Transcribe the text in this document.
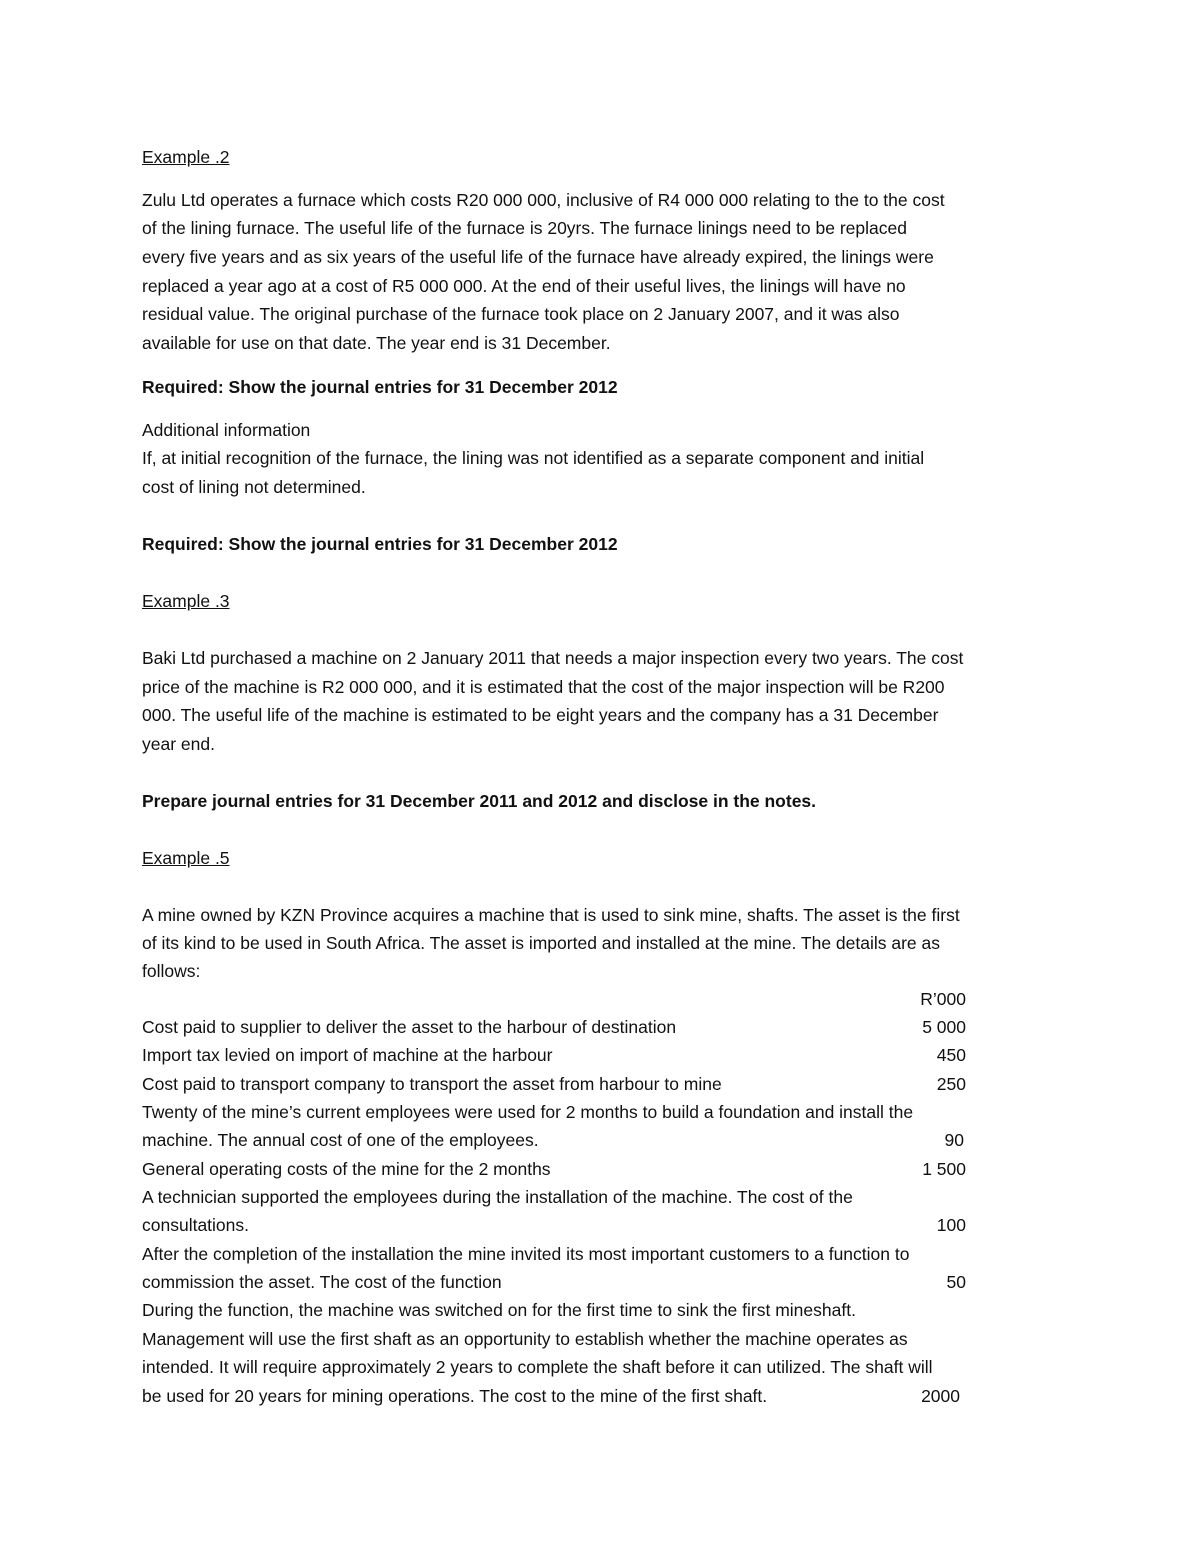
Example .2
Zulu Ltd operates a furnace which costs R20 000 000, inclusive of R4 000 000 relating to the to the cost
of the lining furnace. The useful life of the furnace is 20yrs. The furnace linings need to be replaced
every five years and as six years of the useful life of the furnace have already expired, the linings were
replaced a year ago at a cost of R5 000 000. At the end of their useful lives, the linings will have no
residual value. The original purchase of the furnace took place on 2 January 2007, and it was also
available for use on that date. The year end is 31 December.
Required: Show the journal entries for 31 December 2012
Additional information
If, at initial recognition of the furnace, the lining was not identified as a separate component and initial
cost of lining not determined.
Required: Show the journal entries for 31 December 2012
Example .3
Baki Ltd purchased a machine on 2 January 2011 that needs a major inspection every two years. The cost
price of the machine is R2 000 000, and it is estimated that the cost of the major inspection will be R200
000. The useful life of the machine is estimated to be eight years and the company has a 31 December
year end.
Prepare journal entries for 31 December 2011 and 2012 and disclose in the notes.
Example .5
A mine owned by KZN Province acquires a machine that is used to sink mine, shafts. The asset is the first
of its kind to be used in South Africa. The asset is imported and installed at the mine. The details are as
follows:
R’000
Cost paid to supplier to deliver the asset to the harbour of destination	5 000
Import tax levied on import of machine at the harbour	450
Cost paid to transport company to transport the asset from harbour to mine	250
Twenty of the mine’s current employees were used for 2 months to build a foundation and install the
machine. The annual cost of one of the employees.	90
General operating costs of the mine for the 2 months	1 500
A technician supported the employees during the installation of the machine. The cost of the
consultations.	100
After the completion of the installation the mine invited its most important customers to a function to
commission the asset. The cost of the function	50
During the function, the machine was switched on for the first time to sink the first mineshaft.
Management will use the first shaft as an opportunity to establish whether the machine operates as
intended. It will require approximately 2 years to complete the shaft before it can utilized. The shaft will
be used for 20 years for mining operations. The cost to the mine of the first shaft.	2000
